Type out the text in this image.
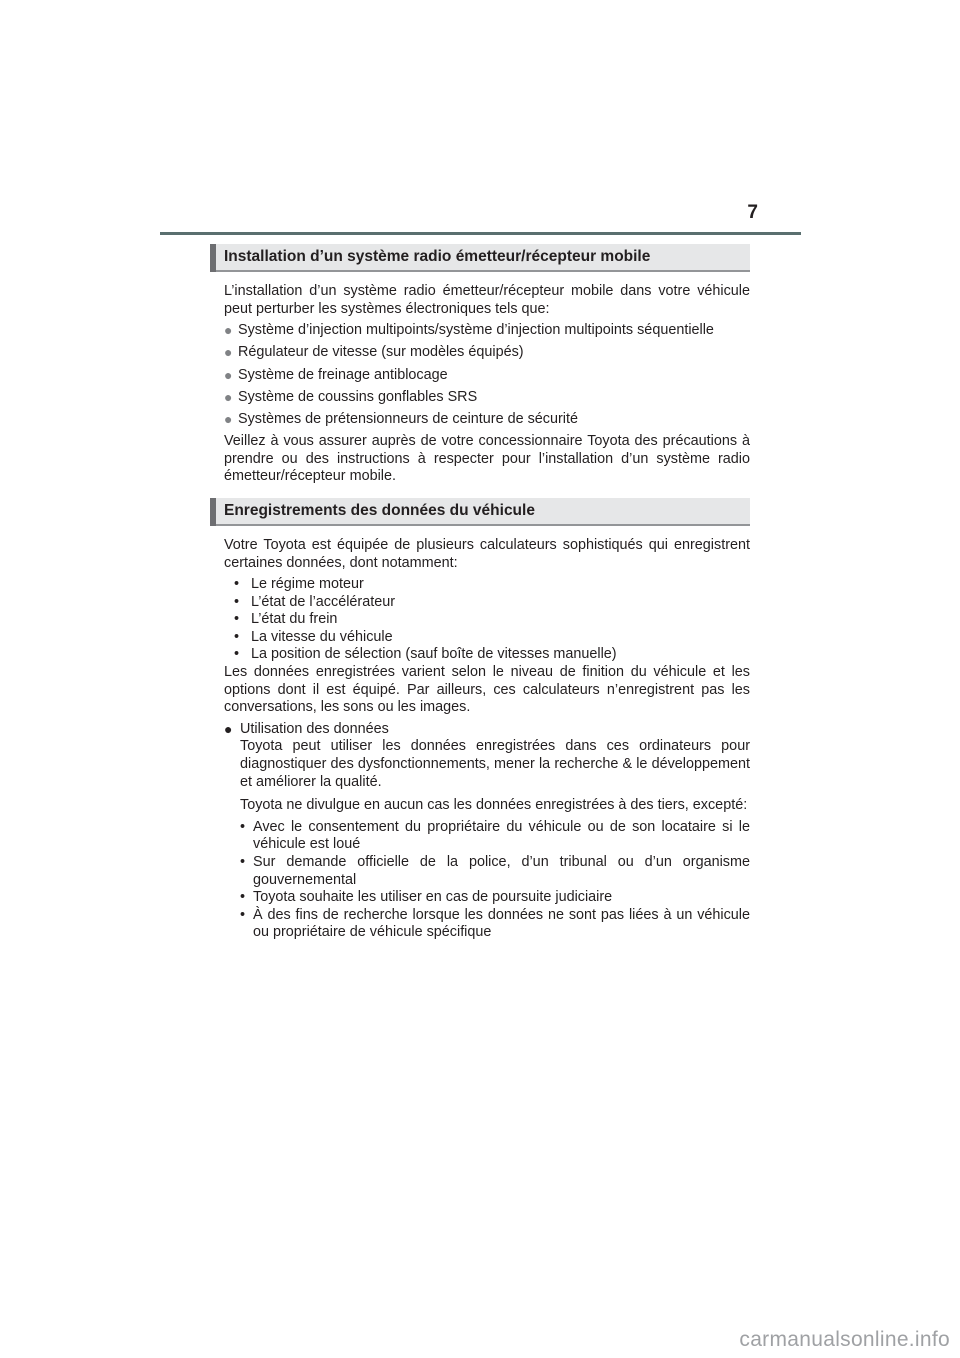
7
Installation d’un système radio émetteur/récepteur mobile

L’installation d’un système radio émetteur/récepteur mobile dans votre véhicule peut perturber les systèmes électroniques tels que:

● Système d’injection multipoints/système d’injection multipoints séquentielle
● Régulateur de vitesse (sur modèles équipés)
● Système de freinage antiblocage
● Système de coussins gonflables SRS
● Systèmes de prétensionneurs de ceinture de sécurité

Veillez à vous assurer auprès de votre concessionnaire Toyota des précautions à prendre ou des instructions à respecter pour l’installation d’un système radio émetteur/récepteur mobile.

Enregistrements des données du véhicule

Votre Toyota est équipée de plusieurs calculateurs sophistiqués qui enregistrent certaines données, dont notamment:

• Le régime moteur
• L’état de l’accélérateur
• L’état du frein
• La vitesse du véhicule
• La position de sélection (sauf boîte de vitesses manuelle)

Les données enregistrées varient selon le niveau de finition du véhicule et les options dont il est équipé. Par ailleurs, ces calculateurs n’enregistrent pas les conversations, les sons ou les images.

● Utilisation des données

Toyota peut utiliser les données enregistrées dans ces ordinateurs pour diagnostiquer des dysfonctionnements, mener la recherche & le développement et améliorer la qualité.

Toyota ne divulgue en aucun cas les données enregistrées à des tiers, excepté:

• Avec le consentement du propriétaire du véhicule ou de son locataire si le véhicule est loué
• Sur demande officielle de la police, d’un tribunal ou d’un organisme gouvernemental
• Toyota souhaite les utiliser en cas de poursuite judiciaire
• À des fins de recherche lorsque les données ne sont pas liées à un véhicule ou propriétaire de véhicule spécifique
carmanualsonline.info
